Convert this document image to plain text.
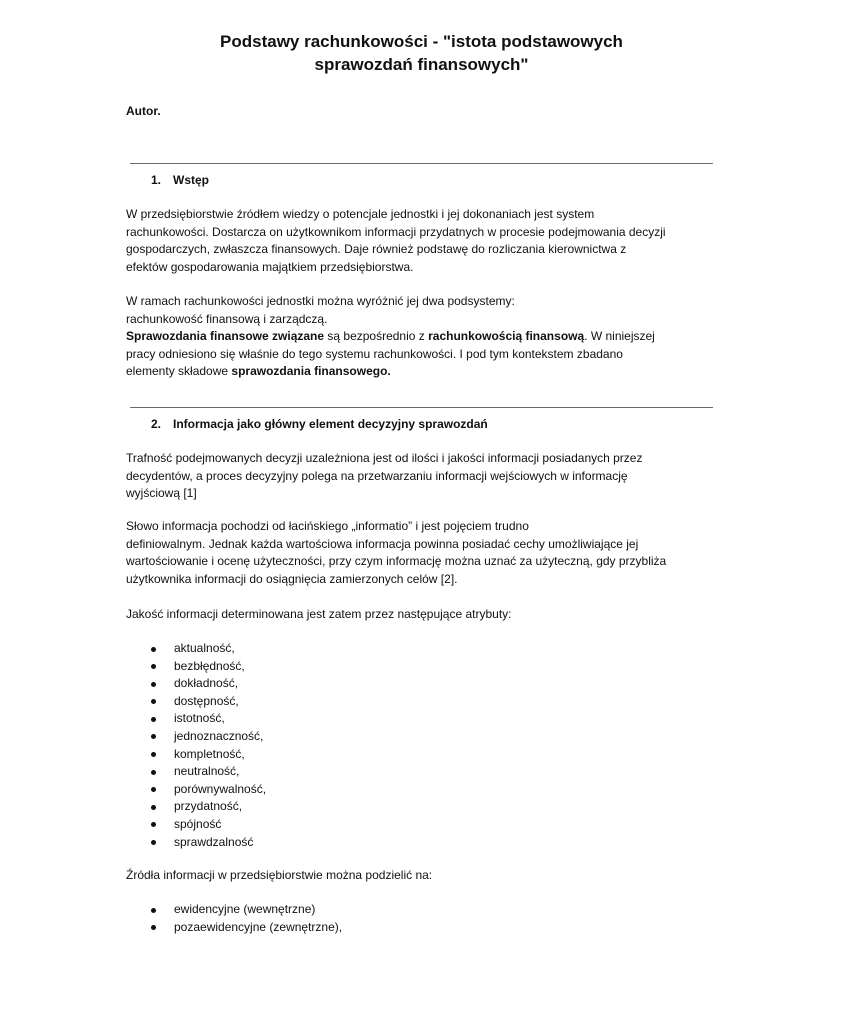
Podstawy rachunkowości - "istota podstawowych
sprawozdań finansowych"
Autor.
1. Wstęp
W przedsiębiorstwie źródłem wiedzy o potencjale jednostki i jej dokonaniach jest system
rachunkowości. Dostarcza on użytkownikom informacji przydatnych w procesie podejmowania decyzji
gospodarczych, zwłaszcza finansowych. Daje również podstawę do rozliczania kierownictwa z
efektów gospodarowania majątkiem przedsiębiorstwa.
W ramach rachunkowości jednostki można wyróżnić jej dwa podsystemy:
rachunkowość finansową i zarządczą.
Sprawozdania finansowe związane są bezpośrednio z rachunkowością finansową. W niniejszej
pracy odniesiono się właśnie do tego systemu rachunkowości. I pod tym kontekstem zbadano
elementy składowe sprawozdania finansowego.
2. Informacja jako główny element decyzyjny sprawozdań
Trafność podejmowanych decyzji uzależniona jest od ilości i jakości informacji posiadanych przez
decydentów, a proces decyzyjny polega na przetwarzaniu informacji wejściowych w informację
wyjściową [1]
Słowo informacja pochodzi od łacińskiego „informatio” i jest pojęciem trudno
definiowalnym. Jednak każda wartościowa informacja powinna posiadać cechy umożliwiające jej
wartościowanie i ocenę użyteczności, przy czym informację można uznać za użyteczną, gdy przybliża
użytkownika informacji do osiągnięcia zamierzonych celów [2].
Jakość informacji determinowana jest zatem przez następujące atrybuty:
aktualność,
bezbłędność,
dokładność,
dostępność,
istotność,
jednoznaczność,
kompletność,
neutralność,
porównywalność,
przydatność,
spójność
sprawdzalność
Źródła informacji w przedsiębiorstwie można podzielić na:
ewidencyjne (wewnętrzne)
pozaewidencyjne (zewnętrzne),
